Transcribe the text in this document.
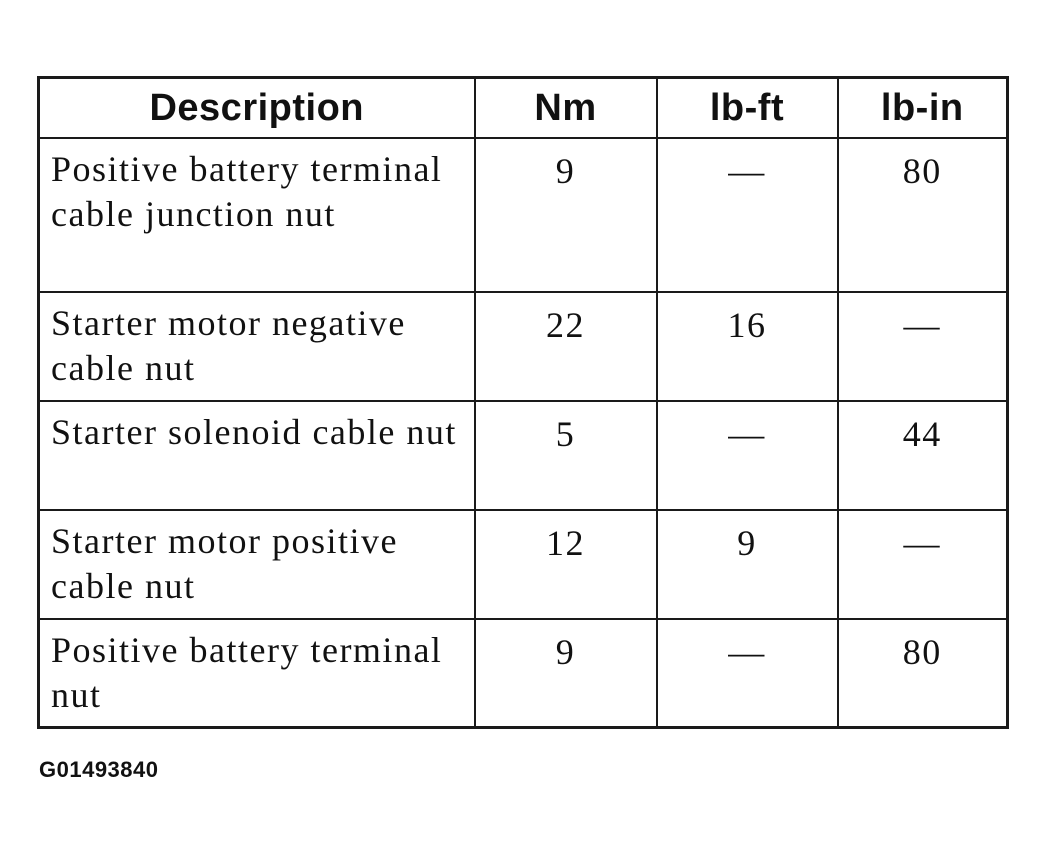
Description	Nm	lb-ft	lb-in
Positive battery terminal cable junction nut	9	—	80
Starter motor negative cable nut	22	16	—
Starter solenoid cable nut	5	—	44
Starter motor positive cable nut	12	9	—
Positive battery terminal nut	9	—	80
G01493840
